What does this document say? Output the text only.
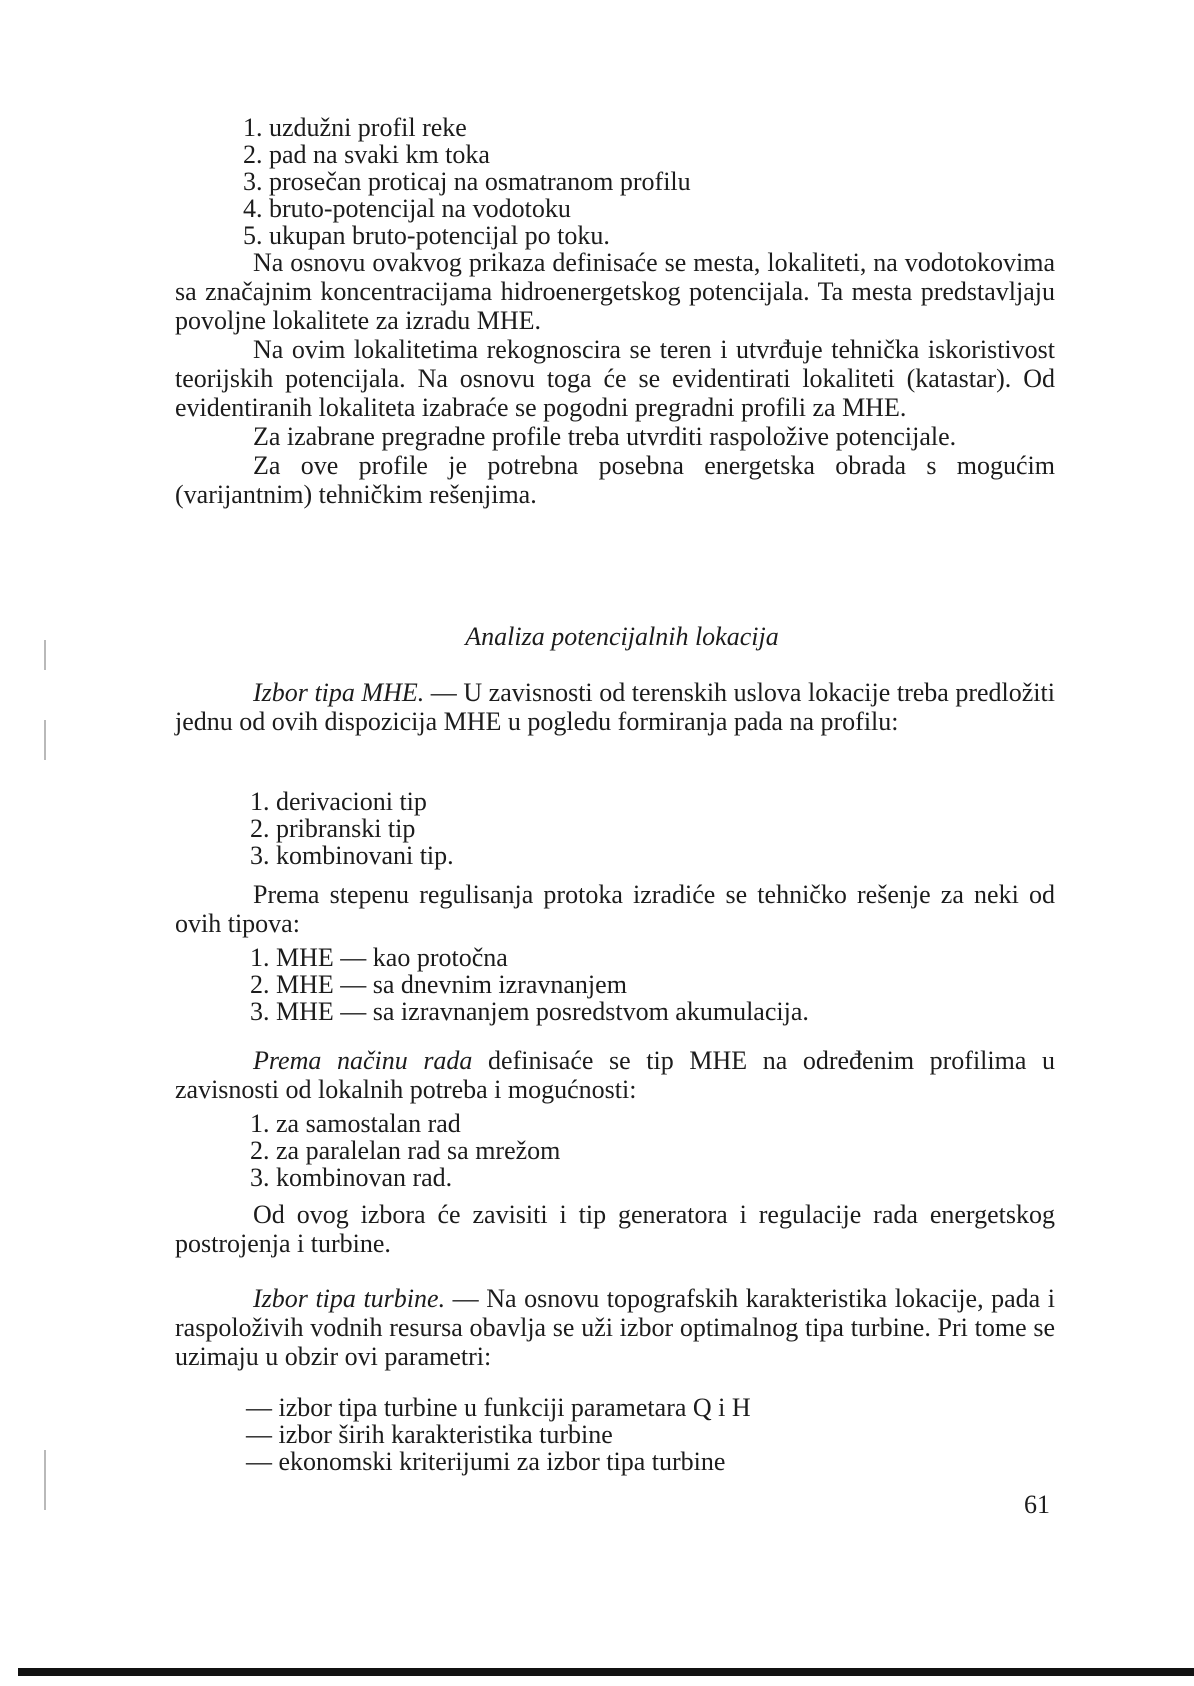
1. uzdužni profil reke
2. pad na svaki km toka
3. prosečan proticaj na osmatranom profilu
4. bruto-potencijal na vodotoku
5. ukupan bruto-potencijal po toku.

Na osnovu ovakvog prikaza definisaće se mesta, lokaliteti, na vodotokovima sa značajnim koncentracijama hidroenergetskog potencijala. Ta mesta predstavljaju povoljne lokalitete za izradu MHE.

Na ovim lokalitetima rekognoscira se teren i utvrđuje tehnička iskoristivost teorijskih potencijala. Na osnovu toga će se evidentirati lokaliteti (katastar). Od evidentiranih lokaliteta izabraće se pogodni pregradni profili za MHE.

Za izabrane pregradne profile treba utvrditi raspoložive potencijale.

Za ove profile je potrebna posebna energetska obrada s mogućim (varijantnim) tehničkim rešenjima.

Analiza potencijalnih lokacija

Izbor tipa MHE. — U zavisnosti od terenskih uslova lokacije treba predložiti jednu od ovih dispozicija MHE u pogledu formiranja pada na profilu:

1. derivacioni tip
2. pribranski tip
3. kombinovani tip.

Prema stepenu regulisanja protoka izradiće se tehničko rešenje za neki od ovih tipova:

1. MHE — kao protočna
2. MHE — sa dnevnim izravnanjem
3. MHE — sa izravnanjem posredstvom akumulacija.

Prema načinu rada definisaće se tip MHE na određenim profilima u zavisnosti od lokalnih potreba i mogućnosti:

1. za samostalan rad
2. za paralelan rad sa mrežom
3. kombinovan rad.

Od ovog izbora će zavisiti i tip generatora i regulacije rada energetskog postrojenja i turbine.

Izbor tipa turbine. — Na osnovu topografskih karakteristika lokacije, pada i raspoloživih vodnih resursa obavlja se uži izbor optimalnog tipa turbine. Pri tome se uzimaju u obzir ovi parametri:

— izbor tipa turbine u funkciji parametara Q i H
— izbor širih karakteristika turbine
— ekonomski kriterijumi za izbor tipa turbine
61
